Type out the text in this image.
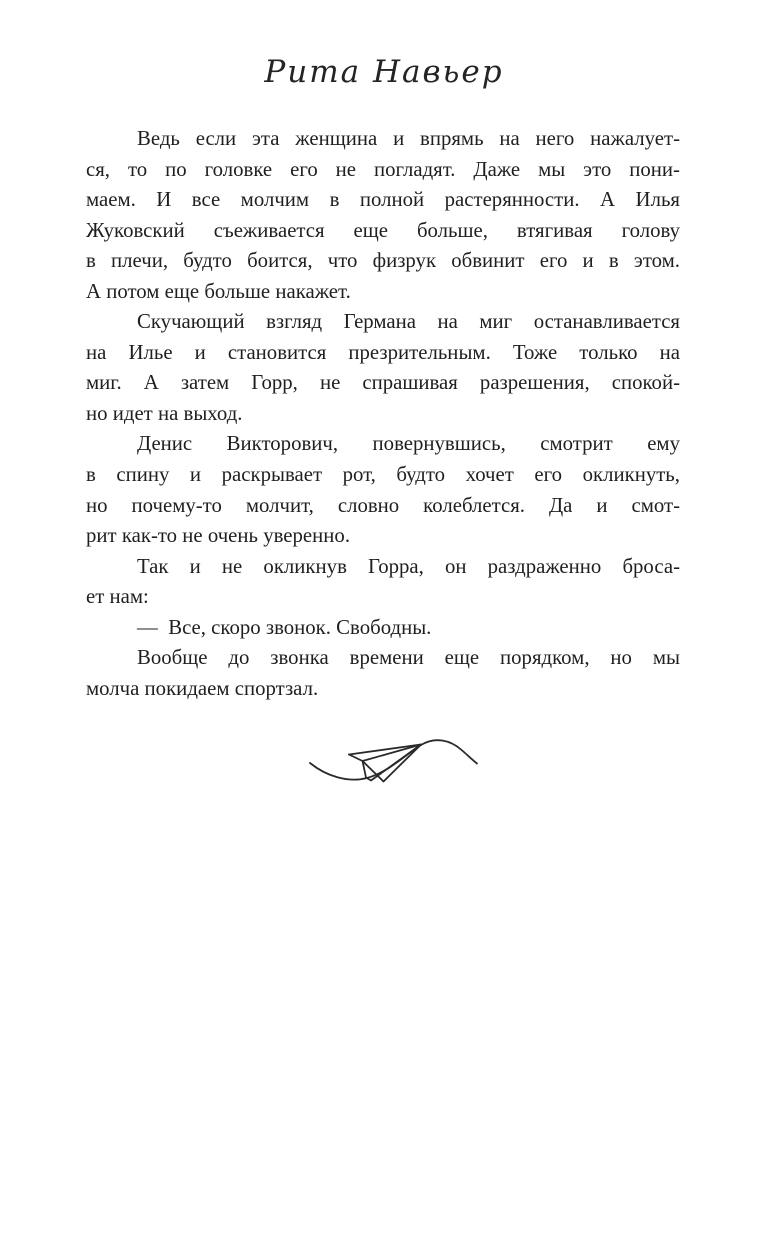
Рита Навьер
Ведь если эта женщина и впрямь на него нажалует-
ся, то по головке его не погладят. Даже мы это пони-
маем. И все молчим в полной растерянности. А Илья
Жуковский съеживается еще больше, втягивая голову
в плечи, будто боится, что физрук обвинит его и в этом.
А потом еще больше накажет.
Скучающий взгляд Германа на миг останавливается
на Илье и становится презрительным. Тоже только на
миг. А затем Горр, не спрашивая разрешения, спокой-
но идет на выход.
Денис Викторович, повернувшись, смотрит ему
в спину и раскрывает рот, будто хочет его окликнуть,
но почему-то молчит, словно колеблется. Да и смот-
рит как-то не очень уверенно.
Так и не окликнув Горра, он раздраженно броса-
ет нам:
— Все, скоро звонок. Свободны.
Вообще до звонка времени еще порядком, но мы
молча покидаем спортзал.
